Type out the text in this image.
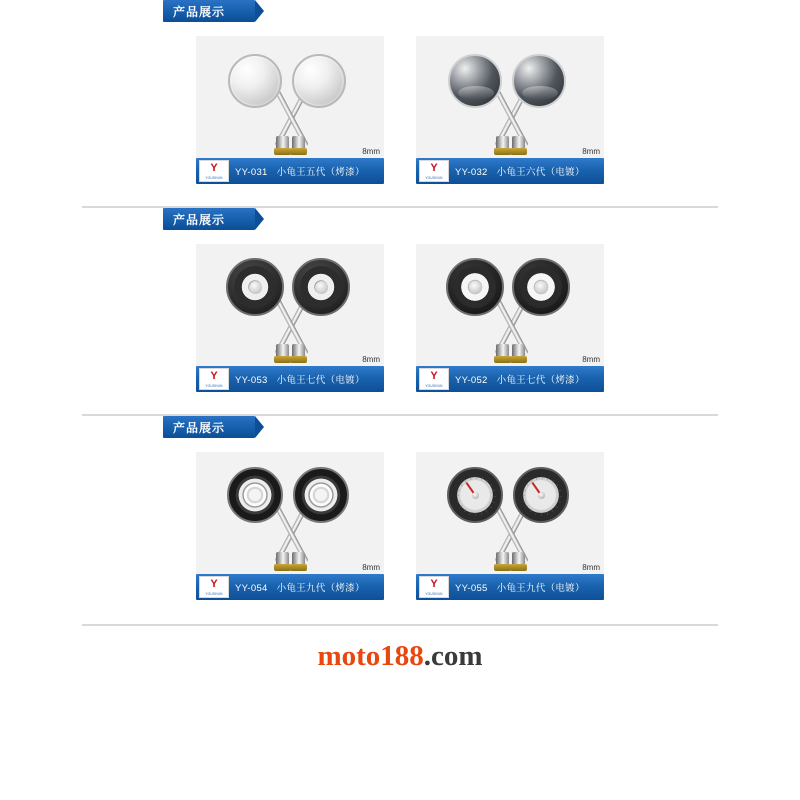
产品展示
8mm
Y
YOUSHUN	YY-031 小龟王五代（烤漆）
8mm
Y
YOUSHUN	YY-032 小龟王六代（电镀）
产品展示
8mm
Y
YOUSHUN	YY-053 小龟王七代（电镀）
8mm
Y
YOUSHUN	YY-052 小龟王七代（烤漆）
产品展示
8mm
Y
YOUSHUN	YY-054 小龟王九代（烤漆）
8mm
Y
YOUSHUN	YY-055 小龟王九代（电镀）
moto188.com
